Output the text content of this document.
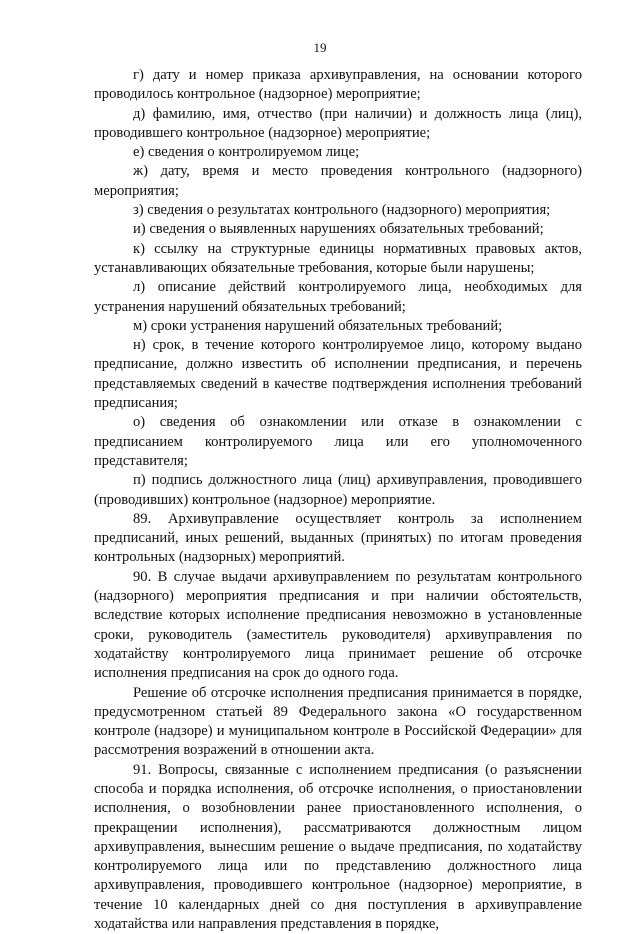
19

г) дату и номер приказа архивуправления, на основании которого проводилось контрольное (надзорное) мероприятие;

д) фамилию, имя, отчество (при наличии) и должность лица (лиц), проводившего контрольное (надзорное) мероприятие;

е) сведения о контролируемом лице;

ж) дату, время и место проведения контрольного (надзорного) мероприятия;

з) сведения о результатах контрольного (надзорного) мероприятия;

и) сведения о выявленных нарушениях обязательных требований;

к) ссылку на структурные единицы нормативных правовых актов, устанавливающих обязательные требования, которые были нарушены;

л) описание действий контролируемого лица, необходимых для устранения нарушений обязательных требований;

м) сроки устранения нарушений обязательных требований;

н) срок, в течение которого контролируемое лицо, которому выдано предписание, должно известить об исполнении предписания, и перечень представляемых сведений в качестве подтверждения исполнения требований предписания;

о) сведения об ознакомлении или отказе в ознакомлении с предписанием контролируемого лица или его уполномоченного представителя;

п) подпись должностного лица (лиц) архивуправления, проводившего (проводивших) контрольное (надзорное) мероприятие.

89. Архивуправление осуществляет контроль за исполнением предписаний, иных решений, выданных (принятых) по итогам проведения контрольных (надзорных) мероприятий.

90. В случае выдачи архивуправлением по результатам контрольного (надзорного) мероприятия предписания и при наличии обстоятельств, вследствие которых исполнение предписания невозможно в установленные сроки, руководитель (заместитель руководителя) архивуправления по ходатайству контролируемого лица принимает решение об отсрочке исполнения предписания на срок до одного года.

Решение об отсрочке исполнения предписания принимается в порядке, предусмотренном статьей 89 Федерального закона «О государственном контроле (надзоре) и муниципальном контроле в Российской Федерации» для рассмотрения возражений в отношении акта.

91. Вопросы, связанные с исполнением предписания (о разъяснении способа и порядка исполнения, об отсрочке исполнения, о приостановлении исполнения, о возобновлении ранее приостановленного исполнения, о прекращении исполнения), рассматриваются должностным лицом архивуправления, вынесшим решение о выдаче предписания, по ходатайству контролируемого лица или по представлению должностного лица архивуправления, проводившего контрольное (надзорное) мероприятие, в течение 10 календарных дней со дня поступления в архивуправление ходатайства или направления представления в порядке,
